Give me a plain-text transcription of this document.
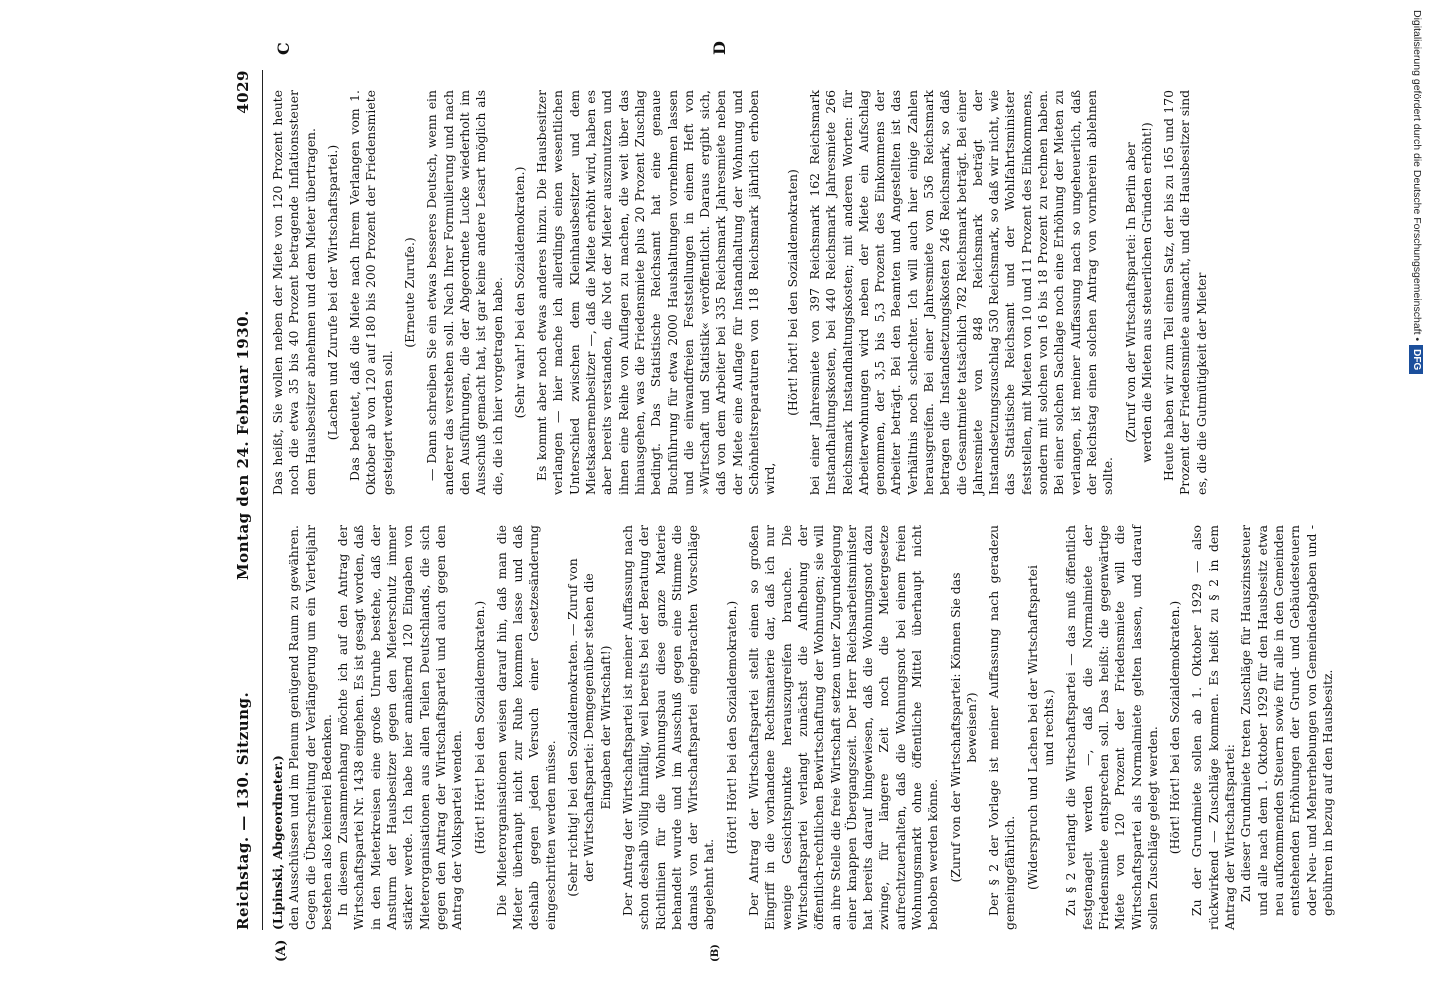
Reichstag. — 130. Sitzung.
Montag den 24. Februar 1930.
4029
(A)	(B)
C	D

(Lipinski, Abgeordneter.) den Ausschüssen und im Plenum genügend Raum zu gewähren. Gegen die Überschreitung der Verlängerung um ein Vierteljahr bestehen also keinerlei Bedenken. In diesem Zusammenhang möchte ich auf den Antrag der Wirtschaftspartei Nr. 1438 eingehen. Es ist gesagt worden, daß in den Mieterkreisen eine große Unruhe bestehe, daß der Ansturm der Hausbesitzer gegen den Mieterschutz immer stärker werde. Ich habe hier annähernd 120 Eingaben von Mieterorganisationen aus allen Teilen Deutschlands, die sich gegen den Antrag der Wirtschaftspartei und auch gegen den Antrag der Volkspartei wenden. (Hört! Hört! bei den Sozialdemokraten.) Die Mieterorganisationen weisen darauf hin, daß man die Mieter überhaupt nicht zur Ruhe kommen lasse und daß deshalb gegen jeden Versuch einer Gesetzesänderung eingeschritten werden müsse. (Sehr richtig! bei den Sozialdemokraten. — Zuruf von der Wirtschaftspartei: Demgegenüber stehen die Eingaben der Wirtschaft!) Der Antrag der Wirtschaftspartei ist meiner Auffassung nach schon deshalb völlig hinfällig, weil bereits bei der Beratung der Richtlinien für die Wohnungsbau diese ganze Materie behandelt wurde und im Ausschuß gegen eine Stimme die damals von der Wirtschaftspartei eingebrachten Vorschläge abgelehnt hat.

(Hört! Hört! bei den Sozialdemokraten.) Der Antrag der Wirtschaftspartei stellt einen so großen Eingriff in die vorhandene Rechtsmaterie dar, daß ich nur wenige Gesichtspunkte herauszugreifen brauche. Die Wirtschaftspartei verlangt zunächst die Aufhebung der öffentlich-rechtlichen Bewirtschaftung der Wohnungen; sie will an ihre Stelle die freie Wirtschaft setzen unter Zugrundelegung einer knappen Übergangszeit. Der Herr Reichsarbeitsminister hat bereits darauf hingewiesen, daß die Wohnungsnot dazu zwinge, für längere Zeit noch die Mietergesetze aufrechtzuerhalten, daß die Wohnungsnot bei einem freien Wohnungsmarkt ohne öffentliche Mittel überhaupt nicht behoben werden könne. (Zuruf von der Wirtschaftspartei: Können Sie das beweisen?) Der § 2 der Vorlage ist meiner Auffassung nach geradezu gemeingefährlich. (Widerspruch und Lachen bei der Wirtschaftspartei und rechts.) Zu § 2 verlangt die Wirtschaftspartei — das muß öffentlich festgenagelt werden —, daß die Normalmiete der Friedensmiete entsprechen soll. Das heißt: die gegenwärtige Miete von 120 Prozent der Friedensmiete will die Wirtschaftspartei als Normalmiete gelten lassen, und darauf sollen Zuschläge gelegt werden. (Hört! Hört! bei den Sozialdemokraten.) Zu der Grundmiete sollen ab 1. Oktober 1929 — also rückwirkend — Zuschläge kommen. Es heißt zu § 2 in dem Antrag der Wirtschaftspartei: Zu dieser Grundmiete treten Zuschläge für Hauszinssteuer und alle nach dem 1. Oktober 1929 für den Hausbesitz etwa neu aufkommenden Steuern sowie für alle in den Gemeinden entstehenden Erhöhungen der Grund- und Gebäudesteuern oder Neu- und Mehrerhebungen von Gemeindeabgaben und -gebühren in bezug auf den Hausbesitz.

Das heißt, Sie wollen neben der Miete von 120 Prozent heute noch die etwa 35 bis 40 Prozent betragende Inflationssteuer dem Hausbesitzer abnehmen und dem Mieter übertragen. (Lachen und Zurufe bei der Wirtschaftspartei.) Das bedeutet, daß die Miete nach Ihrem Verlangen vom 1. Oktober ab von 120 auf 180 bis 200 Prozent der Friedensmiete gesteigert werden soll.

(Erneute Zurufe.) — Dann schreiben Sie ein etwas besseres Deutsch, wenn ein anderer das verstehen soll. Nach Ihrer Formulierung und nach den Ausführungen, die der Abgeordnete Lucke wiederholt im Ausschuß gemacht hat, ist gar keine andere Lesart möglich als die, die ich hier vorgetragen habe. (Sehr wahr! bei den Sozialdemokraten.) Es kommt aber noch etwas anderes hinzu. Die Hausbesitzer verlangen — hier mache ich allerdings einen wesentlichen Unterschied zwischen dem Kleinhausbesitzer und dem Mietskasernenbesitzer —, daß die Miete erhöht wird, haben es aber bereits verstanden, die Not der Mieter auszunutzen und ihnen eine Reihe von Auflagen zu machen, die weit über das hinausgehen, was die Friedensmiete plus 20 Prozent Zuschlag bedingt. Das Statistische Reichsamt hat eine genaue Buchführung für etwa 2000 Haushaltungen vornehmen lassen und die einwandfreien Feststellungen in einem Heft von »Wirtschaft und Statistik« veröffentlicht. Daraus ergibt sich, daß von dem Arbeiter bei 335 Reichsmark Jahresmiete neben der Miete eine Auflage für Instandhaltung der Wohnung und Schönheitsreparaturen von 118 Reichsmark jährlich erhoben wird,

(Hört! hört! bei den Sozialdemokraten) bei einer Jahresmiete von 397 Reichsmark 162 Reichsmark Instandhaltungskosten, bei 440 Reichsmark Jahresmiete 266 Reichsmark Instandhaltungskosten; mit anderen Worten: für Arbeiterwohnungen wird neben der Miete ein Aufschlag genommen, der 3,5 bis 5,3 Prozent des Einkommens der Arbeiter beträgt. Bei den Beamten und Angestellten ist das Verhältnis noch schlechter. Ich will auch hier einige Zahlen herausgreifen. Bei einer Jahresmiete von 536 Reichsmark betragen die Instandsetzungskosten 246 Reichsmark, so daß die Gesamtmiete tatsächlich 782 Reichsmark beträgt. Bei einer Jahresmiete von 848 Reichsmark beträgt der Instandsetzungszuschlag 530 Reichsmark, so daß wir nicht, wie das Statistische Reichsamt und der Wohlfahrtsminister feststellen, mit Mieten von 10 und 11 Prozent des Einkommens, sondern mit solchen von 16 bis 18 Prozent zu rechnen haben. Bei einer solchen Sachlage noch eine Erhöhung der Mieten zu verlangen, ist meiner Auffassung nach so ungeheuerlich, daß der Reichstag einen solchen Antrag von vornherein ablehnen sollte.

(Zuruf von der Wirtschaftspartei: In Berlin aber werden die Mieten aus steuerlichen Gründen erhöht!) Heute haben wir zum Teil einen Satz, der bis zu 165 und 170 Prozent der Friedensmiete ausmacht, und die Hausbesitzer sind es, die die Gutmütigkeit der Mieter

Digitalisierung gefördert durch die Deutsche Forschungsgemeinschaft •DFG
